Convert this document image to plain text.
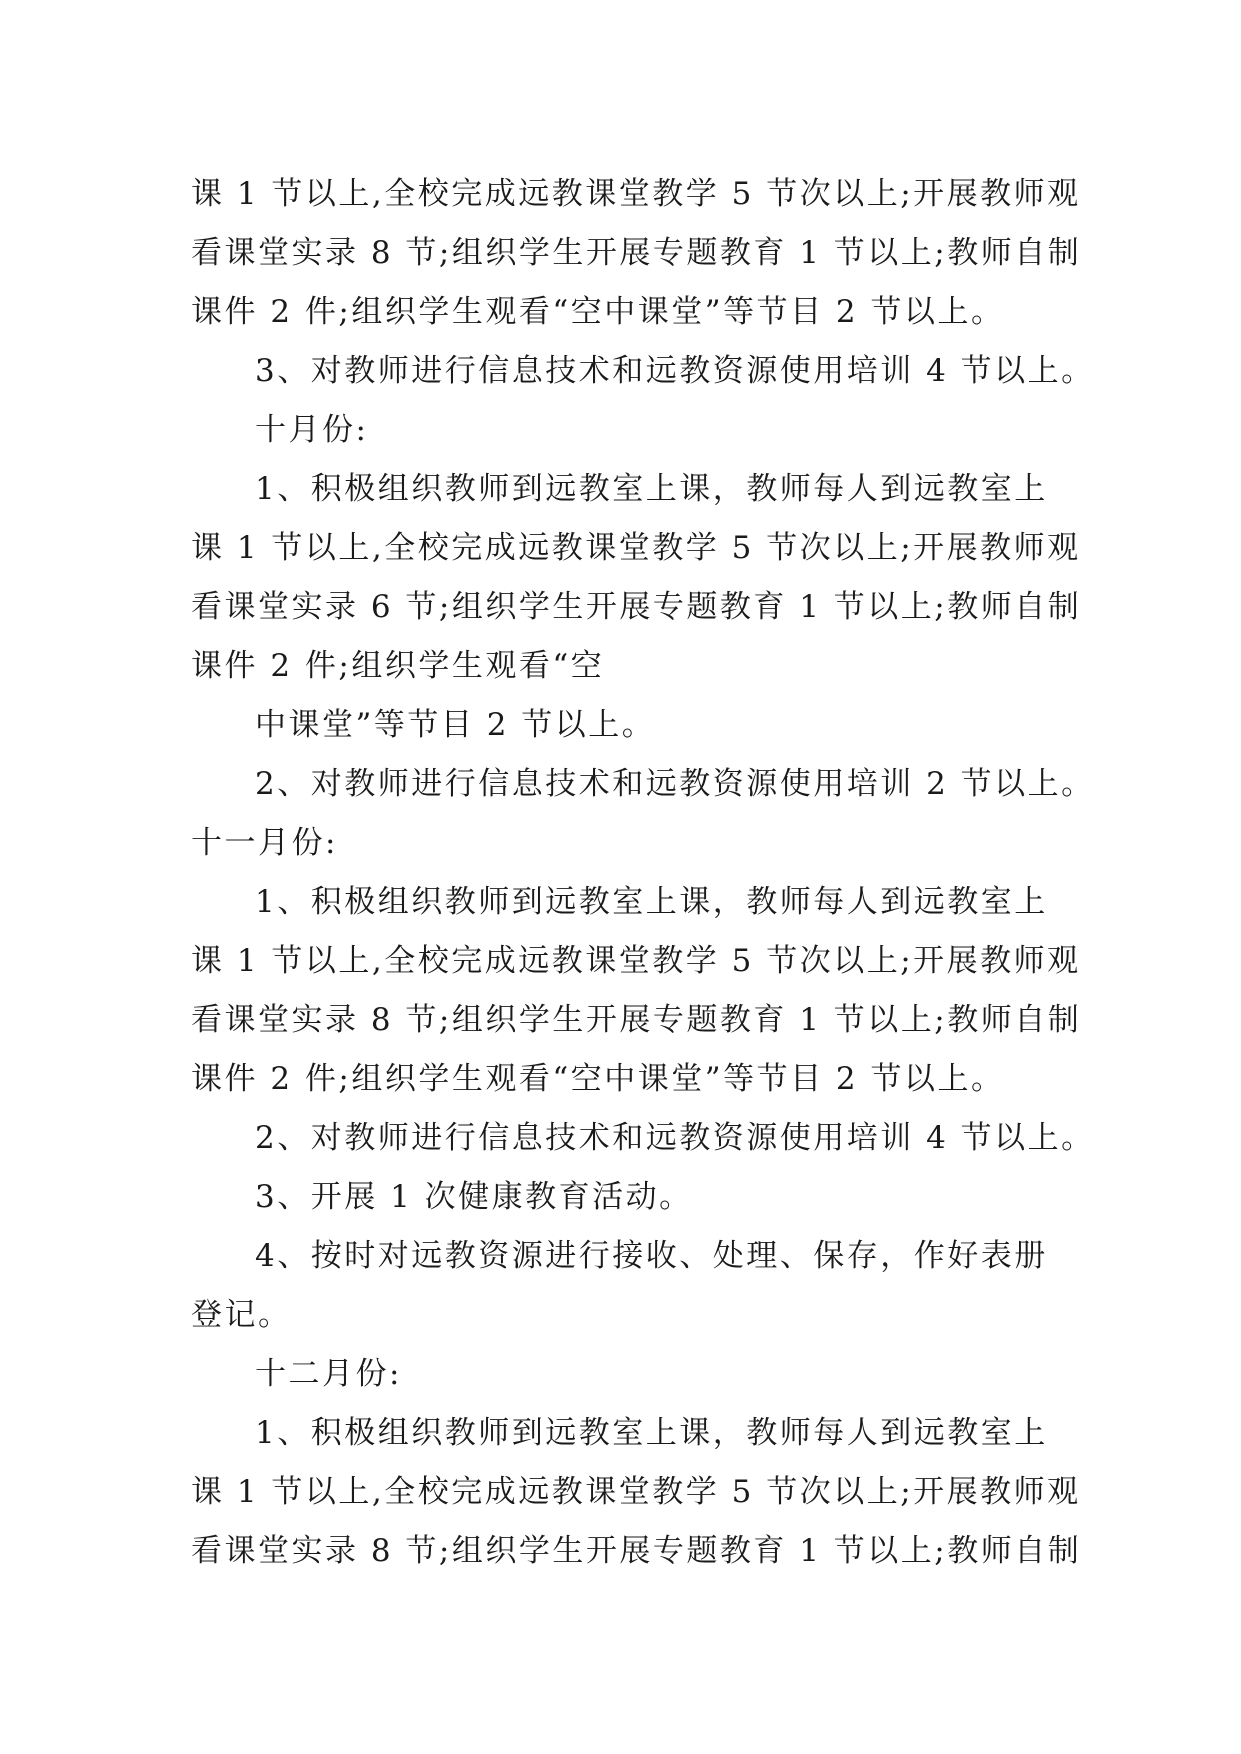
课 1 节以上,全校完成远教课堂教学 5 节次以上;开展教师观
看课堂实录 8 节;组织学生开展专题教育 1 节以上;教师自制
课件 2 件;组织学生观看“空中课堂”等节目 2 节以上。
3、对教师进行信息技术和远教资源使用培训 4 节以上。
十月份:
1、积极组织教师到远教室上课，教师每人到远教室上
课 1 节以上,全校完成远教课堂教学 5 节次以上;开展教师观
看课堂实录 6 节;组织学生开展专题教育 1 节以上;教师自制
课件 2 件;组织学生观看“空
中课堂”等节目 2 节以上。
2、对教师进行信息技术和远教资源使用培训 2 节以上。
十一月份:
1、积极组织教师到远教室上课，教师每人到远教室上
课 1 节以上,全校完成远教课堂教学 5 节次以上;开展教师观
看课堂实录 8 节;组织学生开展专题教育 1 节以上;教师自制
课件 2 件;组织学生观看“空中课堂”等节目 2 节以上。
2、对教师进行信息技术和远教资源使用培训 4 节以上。
3、开展 1 次健康教育活动。
4、按时对远教资源进行接收、处理、保存，作好表册
登记。
十二月份:
1、积极组织教师到远教室上课，教师每人到远教室上
课 1 节以上,全校完成远教课堂教学 5 节次以上;开展教师观
看课堂实录 8 节;组织学生开展专题教育 1 节以上;教师自制
